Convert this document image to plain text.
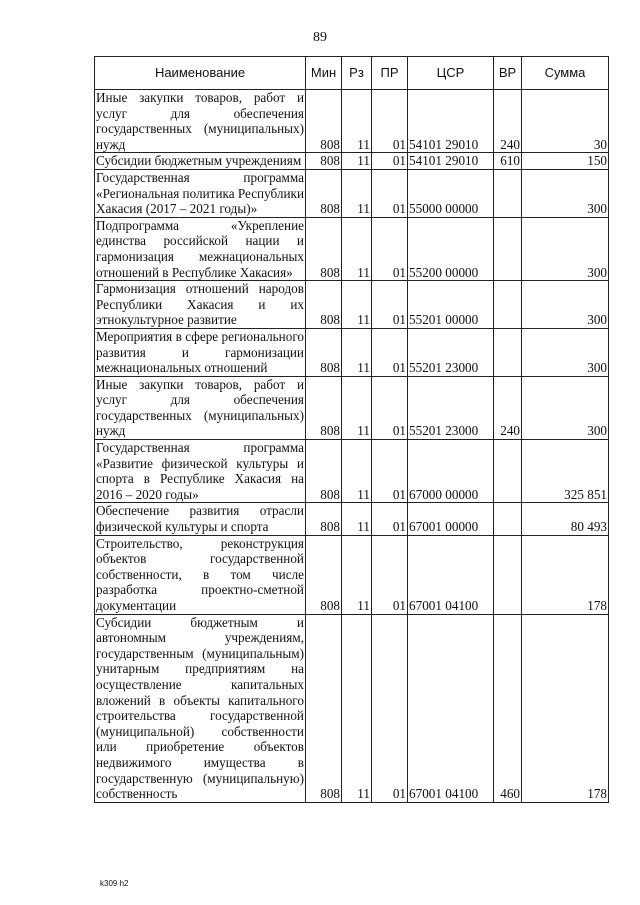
89
Наименование	Мин	Рз	ПР	ЦСР	ВР	Сумма
Иные закупки товаров, работ и услуг для обеспечения государственных (муниципальных) нужд	808	11	01	54101 29010	240	30
Субсидии бюджетным учреждениям	808	11	01	54101 29010	610	150
Государственная программа «Региональная политика Республики Хакасия (2017 – 2021 годы)»	808	11	01	55000 00000		300
Подпрограмма «Укрепление единства российской нации и гармонизация межнациональных отношений в Республике Хакасия»	808	11	01	55200 00000		300
Гармонизация отношений народов Республики Хакасия и их этнокультурное развитие	808	11	01	55201 00000		300
Мероприятия в сфере регионального развития и гармонизации межнациональных отношений	808	11	01	55201 23000		300
Иные закупки товаров, работ и услуг для обеспечения государственных (муниципальных) нужд	808	11	01	55201 23000	240	300
Государственная программа «Развитие физической культуры и спорта в Республике Хакасия на 2016 – 2020 годы»	808	11	01	67000 00000		325 851
Обеспечение развития отрасли физической культуры и спорта	808	11	01	67001 00000		80 493
Строительство, реконструкция объектов государственной собственности, в том числе разработка проектно-сметной документации	808	11	01	67001 04100		178
Субсидии бюджетным и автономным учреждениям, государственным (муниципальным) унитарным предприятиям на осуществление капитальных вложений в объекты капитального строительства государственной (муниципальной) собственности или приобретение объектов недвижимого имущества в государственную (муниципальную) собственность	808	11	01	67001 04100	460	178
k309 h2
